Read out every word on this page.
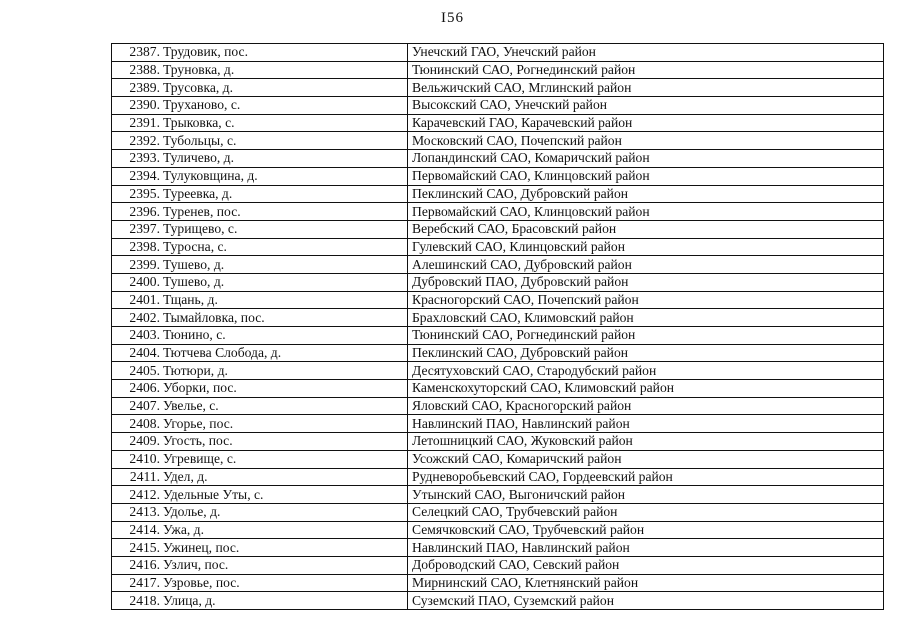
I56
2387.	Трудовик, пос.	Унечский ГАО, Унечский район
2388.	Труновка, д.	Тюнинский САО, Рогнединский район
2389.	Трусовка, д.	Вельжичский САО, Мглинский район
2390.	Труханово, с.	Высокский САО, Унечский район
2391.	Трыковка, с.	Карачевский ГАО, Карачевский район
2392.	Тубольцы, с.	Московский САО, Почепский район
2393.	Туличево, д.	Лопандинский САО, Комаричский район
2394.	Тулуковщина, д.	Первомайский САО, Клинцовский район
2395.	Туреевка, д.	Пеклинский САО, Дубровский район
2396.	Туренев, пос.	Первомайский САО, Клинцовский район
2397.	Турищево, с.	Веребский САО, Брасовский район
2398.	Туросна, с.	Гулевский САО, Клинцовский район
2399.	Тушево, д.	Алешинский САО, Дубровский район
2400.	Тушево, д.	Дубровский ПАО, Дубровский район
2401.	Тщань, д.	Красногорский САО, Почепский район
2402.	Тымайловка, пос.	Брахловский САО, Климовский район
2403.	Тюнино, с.	Тюнинский САО, Рогнединский район
2404.	Тютчева Слобода, д.	Пеклинский САО, Дубровский район
2405.	Тютюри, д.	Десятуховский САО, Стародубский район
2406.	Уборки, пос.	Каменскохуторский САО, Климовский район
2407.	Увелье, с.	Яловский САО, Красногорский район
2408.	Угорье, пос.	Навлинский ПАО, Навлинский район
2409.	Угость, пос.	Летошницкий САО, Жуковский район
2410.	Угревище, с.	Усожский САО, Комаричский район
2411.	Удел, д.	Рудневоробьевский САО, Гордеевский район
2412.	Удельные Уты, с.	Утынский САО, Выгоничский район
2413.	Удолье, д.	Селецкий САО, Трубчевский район
2414.	Ужа, д.	Семячковский САО, Трубчевский район
2415.	Ужинец, пос.	Навлинский ПАО, Навлинский район
2416.	Узлич, пос.	Доброводский САО, Севский район
2417.	Узровье, пос.	Мирнинский САО, Клетнянский район
2418.	Улица, д.	Суземский ПАО, Суземский район
